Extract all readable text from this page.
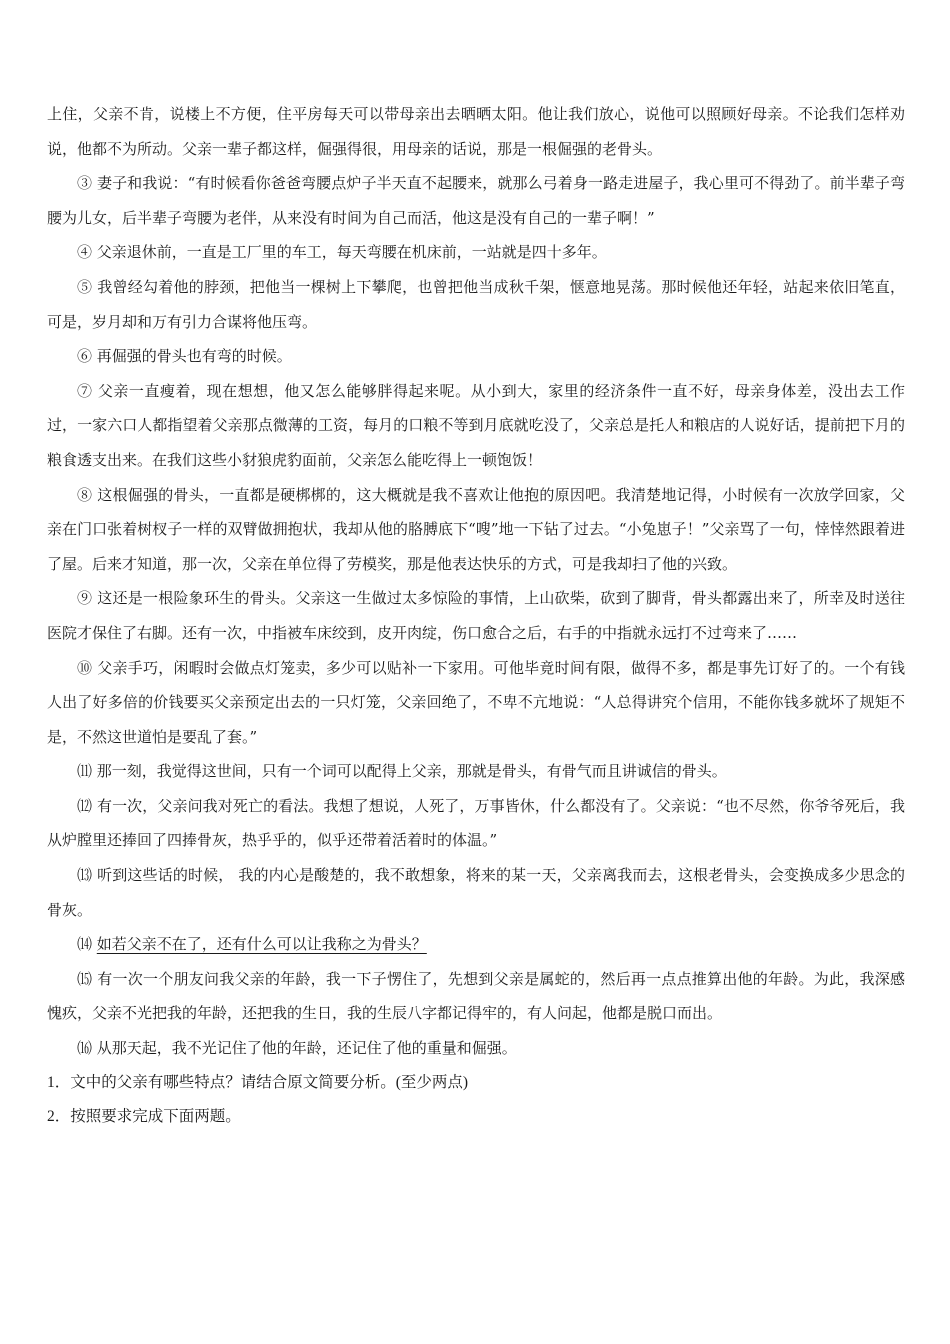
上住，父亲不肯，说楼上不方便，住平房每天可以带母亲出去晒晒太阳。他让我们放心，说他可以照顾好母亲。不论我们怎样劝说，他都不为所动。父亲一辈子都这样，倔强得很，用母亲的话说，那是一根倔强的老骨头。

③ 妻子和我说：“有时候看你爸爸弯腰点炉子半天直不起腰来，就那么弓着身一路走进屋子，我心里可不得劲了。前半辈子弯腰为儿女，后半辈子弯腰为老伴，从来没有时间为自己而活，他这是没有自己的一辈子啊！”

④ 父亲退休前，一直是工厂里的车工，每天弯腰在机床前，一站就是四十多年。

⑤ 我曾经勾着他的脖颈，把他当一棵树上下攀爬，也曾把他当成秋千架，惬意地晃荡。那时候他还年轻，站起来依旧笔直，可是，岁月却和万有引力合谋将他压弯。

⑥ 再倔强的骨头也有弯的时候。

⑦ 父亲一直瘦着，现在想想，他又怎么能够胖得起来呢。从小到大，家里的经济条件一直不好，母亲身体差，没出去工作过，一家六口人都指望着父亲那点微薄的工资，每月的口粮不等到月底就吃没了，父亲总是托人和粮店的人说好话，提前把下月的粮食透支出来。在我们这些小豺狼虎豹面前，父亲怎么能吃得上一顿饱饭！

⑧ 这根倔强的骨头，一直都是硬梆梆的，这大概就是我不喜欢让他抱的原因吧。我清楚地记得，小时候有一次放学回家，父亲在门口张着树杈子一样的双臂做拥抱状，我却从他的胳膊底下“嗖”地一下钻了过去。“小兔崽子！”父亲骂了一句，悻悻然跟着进了屋。后来才知道，那一次，父亲在单位得了劳模奖，那是他表达快乐的方式，可是我却扫了他的兴致。

⑨ 这还是一根险象环生的骨头。父亲这一生做过太多惊险的事情，上山砍柴，砍到了脚背，骨头都露出来了，所幸及时送往医院才保住了右脚。还有一次，中指被车床绞到，皮开肉绽，伤口愈合之后，右手的中指就永远打不过弯来了……

⑩ 父亲手巧，闲暇时会做点灯笼卖，多少可以贴补一下家用。可他毕竟时间有限，做得不多，都是事先订好了的。一个有钱人出了好多倍的价钱要买父亲预定出去的一只灯笼，父亲回绝了，不卑不亢地说：“人总得讲究个信用，不能你钱多就坏了规矩不是，不然这世道怕是要乱了套。”

⑾ 那一刻，我觉得这世间，只有一个词可以配得上父亲，那就是骨头，有骨气而且讲诚信的骨头。

⑿ 有一次，父亲问我对死亡的看法。我想了想说，人死了，万事皆休，什么都没有了。父亲说：“也不尽然，你爷爷死后，我从炉膛里还捧回了四捧骨灰，热乎乎的，似乎还带着活着时的体温。”

⒀ 听到这些话的时候， 我的内心是酸楚的，我不敢想象，将来的某一天，父亲离我而去，这根老骨头，会变换成多少思念的骨灰。

⒁ 如若父亲不在了，还有什么可以让我称之为骨头？

⒂ 有一次一个朋友问我父亲的年龄，我一下子愣住了，先想到父亲是属蛇的，然后再一点点推算出他的年龄。为此，我深感愧疚，父亲不光把我的年龄，还把我的生日，我的生辰八字都记得牢的，有人问起，他都是脱口而出。

⒃ 从那天起，我不光记住了他的年龄，还记住了他的重量和倔强。

1．文中的父亲有哪些特点？请结合原文简要分析。(至少两点)

2．按照要求完成下面两题。
